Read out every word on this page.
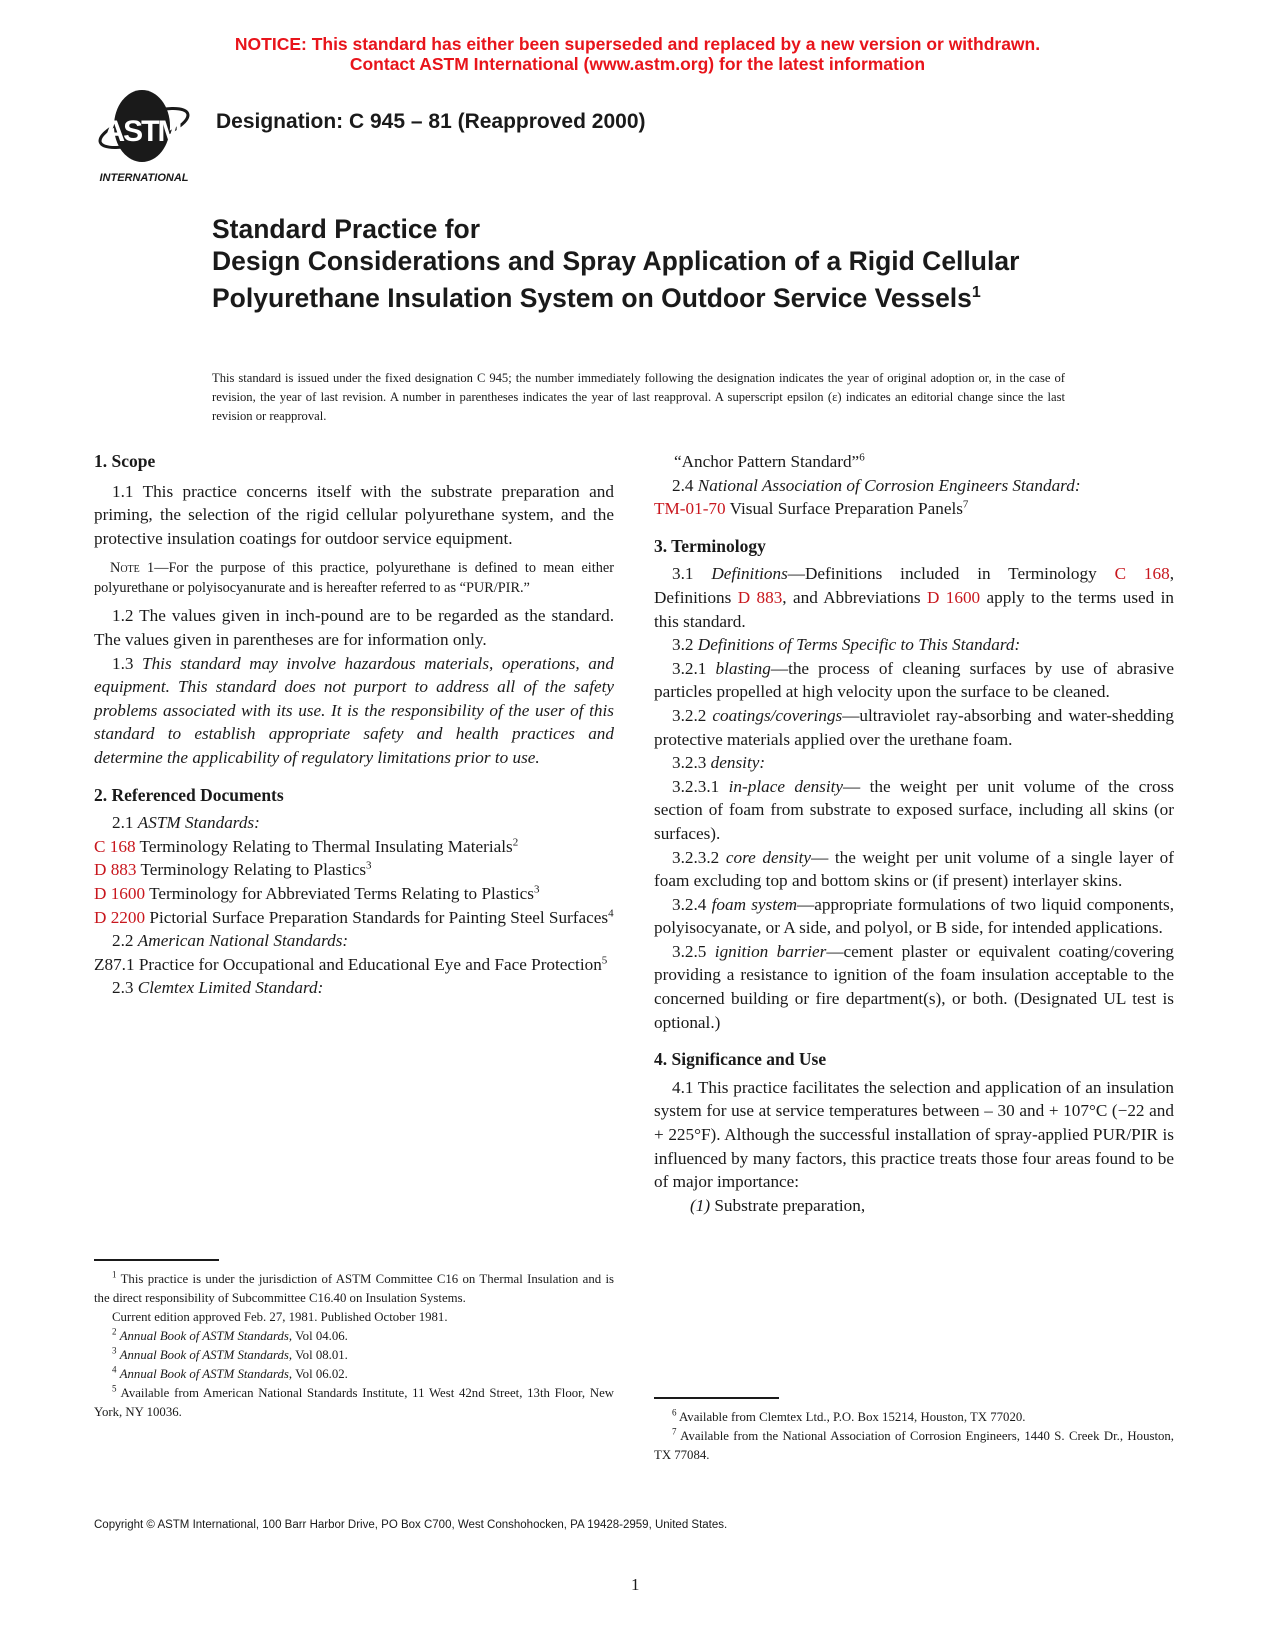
NOTICE: This standard has either been superseded and replaced by a new version or withdrawn.
Contact ASTM International (www.astm.org) for the latest information
ASTM
INTERNATIONAL
Designation: C 945 – 81 (Reapproved 2000)
Standard Practice for
Design Considerations and Spray Application of a Rigid Cellular Polyurethane Insulation System on Outdoor Service Vessels$^1$
This standard is issued under the fixed designation C 945; the number immediately following the designation indicates the year of original adoption or, in the case of revision, the year of last revision. A number in parentheses indicates the year of last reapproval. A superscript epsilon (ε) indicates an editorial change since the last revision or reapproval.
1. Scope

1.1 This practice concerns itself with the substrate preparation and priming, the selection of the rigid cellular polyurethane system, and the protective insulation coatings for outdoor service equipment.

Note 1—For the purpose of this practice, polyurethane is defined to mean either polyurethane or polyisocyanurate and is hereafter referred to as “PUR/PIR.”

1.2 The values given in inch-pound are to be regarded as the standard. The values given in parentheses are for information only.

1.3 This standard may involve hazardous materials, operations, and equipment. This standard does not purport to address all of the safety problems associated with its use. It is the responsibility of the user of this standard to establish appropriate safety and health practices and determine the applicability of regulatory limitations prior to use.

2. Referenced Documents

2.1 ASTM Standards:

C 168 Terminology Relating to Thermal Insulating Materials$^2$
D 883 Terminology Relating to Plastics$^3$
D 1600 Terminology for Abbreviated Terms Relating to Plastics$^3$
D 2200 Pictorial Surface Preparation Standards for Painting Steel Surfaces$^4$

2.2 American National Standards:

Z87.1 Practice for Occupational and Educational Eye and Face Protection$^5$

2.3 Clemtex Limited Standard:

$^1$ This practice is under the jurisdiction of ASTM Committee C16 on Thermal Insulation and is the direct responsibility of Subcommittee C16.40 on Insulation Systems.

Current edition approved Feb. 27, 1981. Published October 1981.

$^2$ Annual Book of ASTM Standards, Vol 04.06.

$^3$ Annual Book of ASTM Standards, Vol 08.01.

$^4$ Annual Book of ASTM Standards, Vol 06.02.

$^5$ Available from American National Standards Institute, 11 West 42nd Street, 13th Floor, New York, NY 10036.

“Anchor Pattern Standard”$^6$

2.4 National Association of Corrosion Engineers Standard:

TM-01-70 Visual Surface Preparation Panels$^7$
3. Terminology

3.1 Definitions—Definitions included in Terminology C 168, Definitions D 883, and Abbreviations D 1600 apply to the terms used in this standard.

3.2 Definitions of Terms Specific to This Standard:

3.2.1 blasting—the process of cleaning surfaces by use of abrasive particles propelled at high velocity upon the surface to be cleaned.

3.2.2 coatings/coverings—ultraviolet ray-absorbing and water-shedding protective materials applied over the urethane foam.

3.2.3 density:

3.2.3.1 in-place density— the weight per unit volume of the cross section of foam from substrate to exposed surface, including all skins (or surfaces).

3.2.3.2 core density— the weight per unit volume of a single layer of foam excluding top and bottom skins or (if present) interlayer skins.

3.2.4 foam system—appropriate formulations of two liquid components, polyisocyanate, or A side, and polyol, or B side, for intended applications.

3.2.5 ignition barrier—cement plaster or equivalent coating/covering providing a resistance to ignition of the foam insulation acceptable to the concerned building or fire department(s), or both. (Designated UL test is optional.)

4. Significance and Use

4.1 This practice facilitates the selection and application of an insulation system for use at service temperatures between – 30 and + 107°C (−22 and + 225°F). Although the successful installation of spray-applied PUR/PIR is influenced by many factors, this practice treats those four areas found to be of major importance:

(1) Substrate preparation,

$^6$ Available from Clemtex Ltd., P.O. Box 15214, Houston, TX 77020.

$^7$ Available from the National Association of Corrosion Engineers, 1440 S. Creek Dr., Houston, TX 77084.

Copyright © ASTM International, 100 Barr Harbor Drive, PO Box C700, West Conshohocken, PA 19428-2959, United States.
1
